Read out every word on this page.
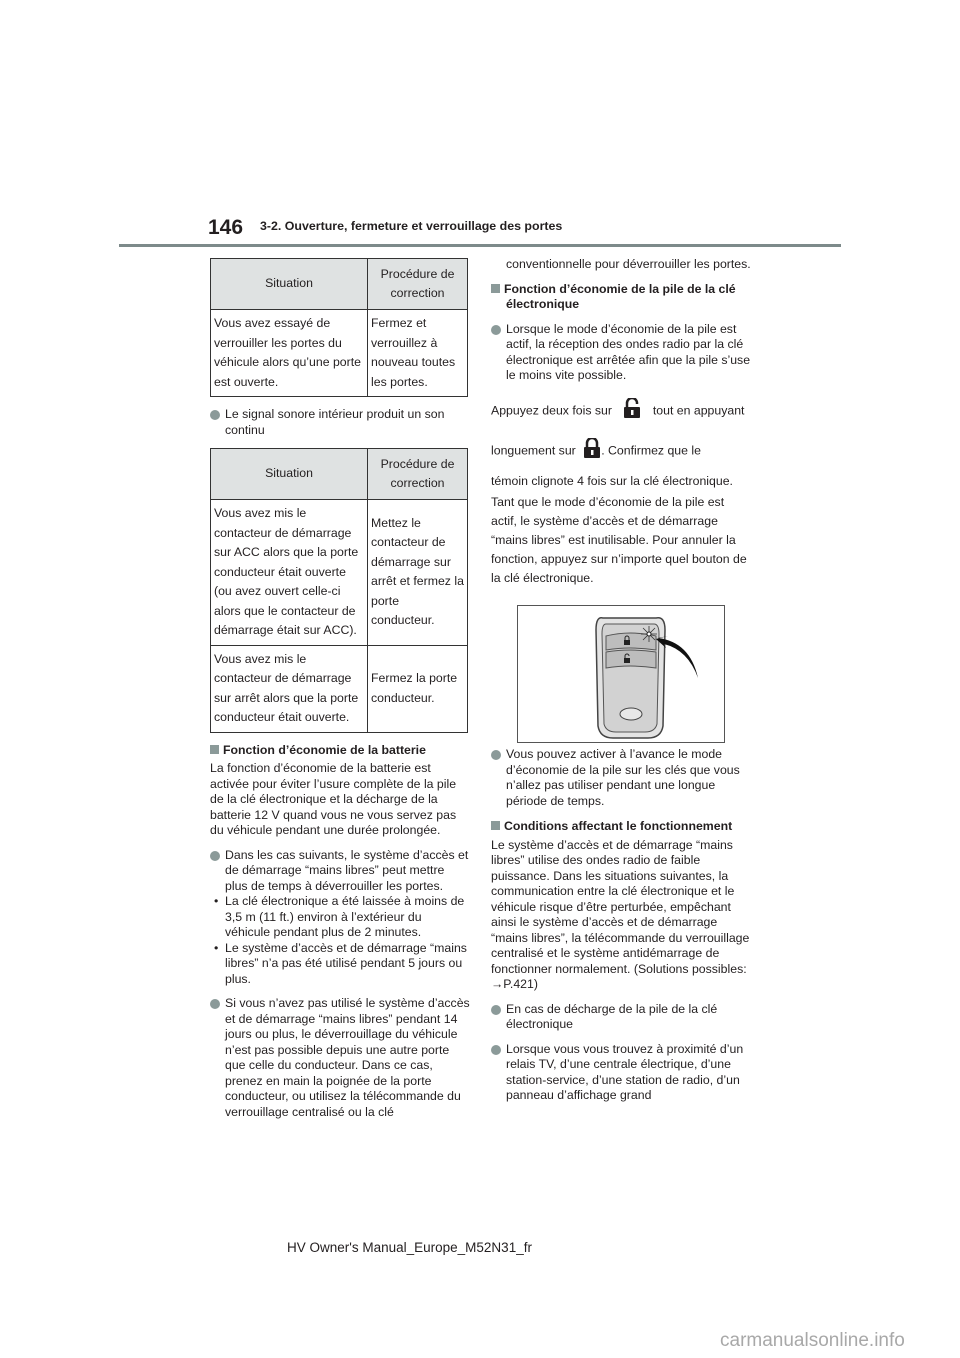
146 3-2. Ouverture, fermeture et verrouillage des portes
Situation	Procédure de correction
Vous avez essayé de verrouiller les portes du véhicule alors qu’une porte est ouverte.	Fermez et verrouillez à nouveau toutes les portes.

Le signal sonore intérieur produit un son continu

Situation	Procédure de correction
Vous avez mis le contacteur de démarrage sur ACC alors que la porte conducteur était ouverte (ou avez ouvert celle-ci alors que le contacteur de démarrage était sur ACC).	Mettez le contacteur de démarrage sur arrêt et fermez la porte conducteur.
Vous avez mis le contacteur de démarrage sur arrêt alors que la porte conducteur était ouverte.	Fermez la porte conducteur.

Fonction d’économie de la batterie

La fonction d’économie de la batterie est activée pour éviter l’usure complète de la pile de la clé électronique et la décharge de la batterie 12 V quand vous ne vous servez pas du véhicule pendant une durée prolongée.

Dans les cas suivants, le système d’accès et de démarrage “mains libres” peut mettre plus de temps à déverrouiller les portes.

• La clé électronique a été laissée à moins de 3,5 m (11 ft.) environ à l’extérieur du véhicule pendant plus de 2 minutes.

• Le système d’accès et de démarrage “mains libres” n’a pas été utilisé pendant 5 jours ou plus.

Si vous n’avez pas utilisé le système d’accès et de démarrage “mains libres” pendant 14 jours ou plus, le déverrouillage du véhicule n’est pas possible depuis une autre porte que celle du conducteur. Dans ce cas, prenez en main la poignée de la porte conducteur, ou utilisez la télécommande du verrouillage centralisé ou la clé

conventionnelle pour déverrouiller les portes.

Fonction d’économie de la pile de la clé électronique

Lorsque le mode d’économie de la pile est actif, la réception des ondes radio par la clé électronique est arrêtée afin que la pile s’use le moins vite possible.

Appuyez deux fois sur	tout en appuyant

longuement sur . Confirmez que le

témoin clignote 4 fois sur la clé électronique.

Tant que le mode d’économie de la pile est actif, le système d’accès et de démarrage “mains libres” est inutilisable. Pour annuler la fonction, appuyez sur n’importe quel bouton de la clé électronique.

Vous pouvez activer à l’avance le mode d’économie de la pile sur les clés que vous n’allez pas utiliser pendant une longue période de temps.

Conditions affectant le fonctionnement

Le système d’accès et de démarrage “mains libres” utilise des ondes radio de faible puissance. Dans les situations suivantes, la communication entre la clé électronique et le véhicule risque d’être perturbée, empêchant ainsi le système d’accès et de démarrage “mains libres”, la télécommande du verrouillage centralisé et le système antidémarrage de fonctionner normalement. (Solutions possibles: →P.421)

En cas de décharge de la pile de la clé électronique

Lorsque vous vous trouvez à proximité d’un relais TV, d’une centrale électrique, d’une station-service, d’une station de radio, d’un panneau d’affichage grand

HV Owner's Manual_Europe_M52N31_fr
carmanualsonline.info
